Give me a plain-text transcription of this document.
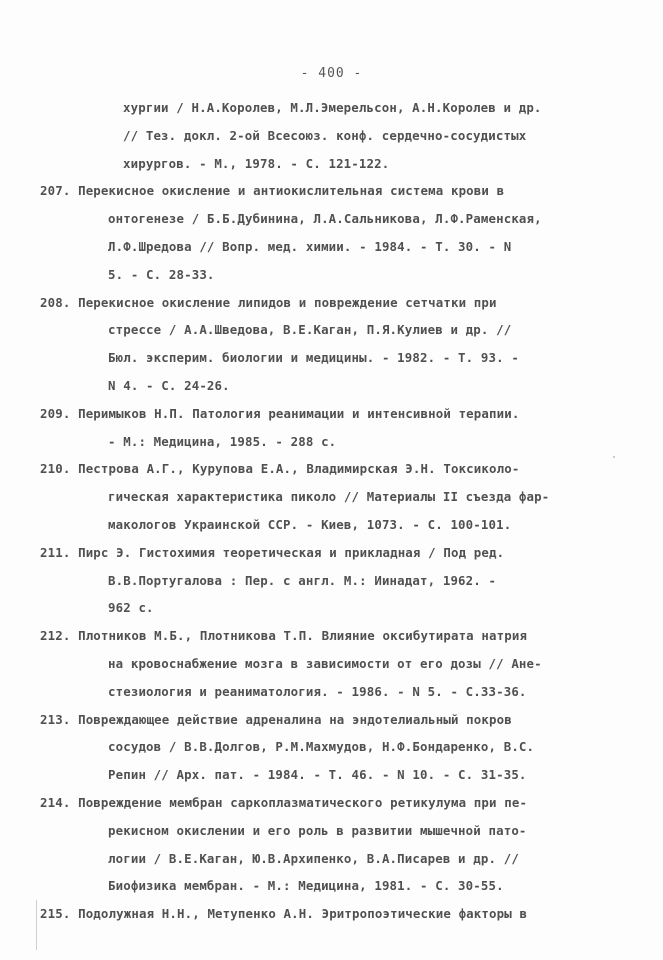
- 400 -
хургии / Н.А.Королев, М.Л.Эмерельсон, А.Н.Королев и др.
// Тез. докл. 2-ой Всесоюз. конф. сердечно-сосудистых
хирургов. - М., 1978. - С. 121-122.
207. Перекисное окисление и антиокислительная система крови в
онтогенезе / Б.Б.Дубинина, Л.А.Сальникова, Л.Ф.Раменская,
Л.Ф.Шредова // Вопр. мед. химии. - 1984. - Т. 30. - N
5. - С. 28-33.
208. Перекисное окисление липидов и повреждение сетчатки при
стрессе / А.А.Шведова, В.Е.Каган, П.Я.Кулиев и др. //
Бюл. эксперим. биологии и медицины. - 1982. - Т. 93. -
N 4. - С. 24-26.
209. Перимыков Н.П. Патология реанимации и интенсивной терапии.
- М.: Медицина, 1985. - 288 с.
210. Пестрова А.Г., Курупова Е.А., Владимирская Э.Н. Токсиколо-
гическая характеристика пиколо // Материалы II съезда фар-
макологов Украинской ССР. - Киев, 1073. - С. 100-101.
211. Пирс Э. Гистохимия теоретическая и прикладная / Под ред.
В.В.Португалова : Пер. с англ. М.: Иинадат, 1962. -
962 с.
212. Плотников М.Б., Плотникова Т.П. Влияние оксибутирата натрия
на кровоснабжение мозга в зависимости от его дозы // Ане-
стезиология и реаниматология. - 1986. - N 5. - С.33-36.
213. Повреждающее действие адреналина на эндотелиальный покров
сосудов / В.В.Долгов, Р.М.Махмудов, Н.Ф.Бондаренко, В.С.
Репин // Арх. пат. - 1984. - Т. 46. - N 10. - С. 31-35.
214. Повреждение мембран саркоплазматического ретикулума при пе-
рекисном окислении и его роль в развитии мышечной пато-
логии / В.Е.Каган, Ю.В.Архипенко, В.А.Писарев и др. //
Биофизика мембран. - М.: Медицина, 1981. - С. 30-55.
215. Подолужная Н.Н., Метупенко А.Н. Эритропоэтические факторы в
